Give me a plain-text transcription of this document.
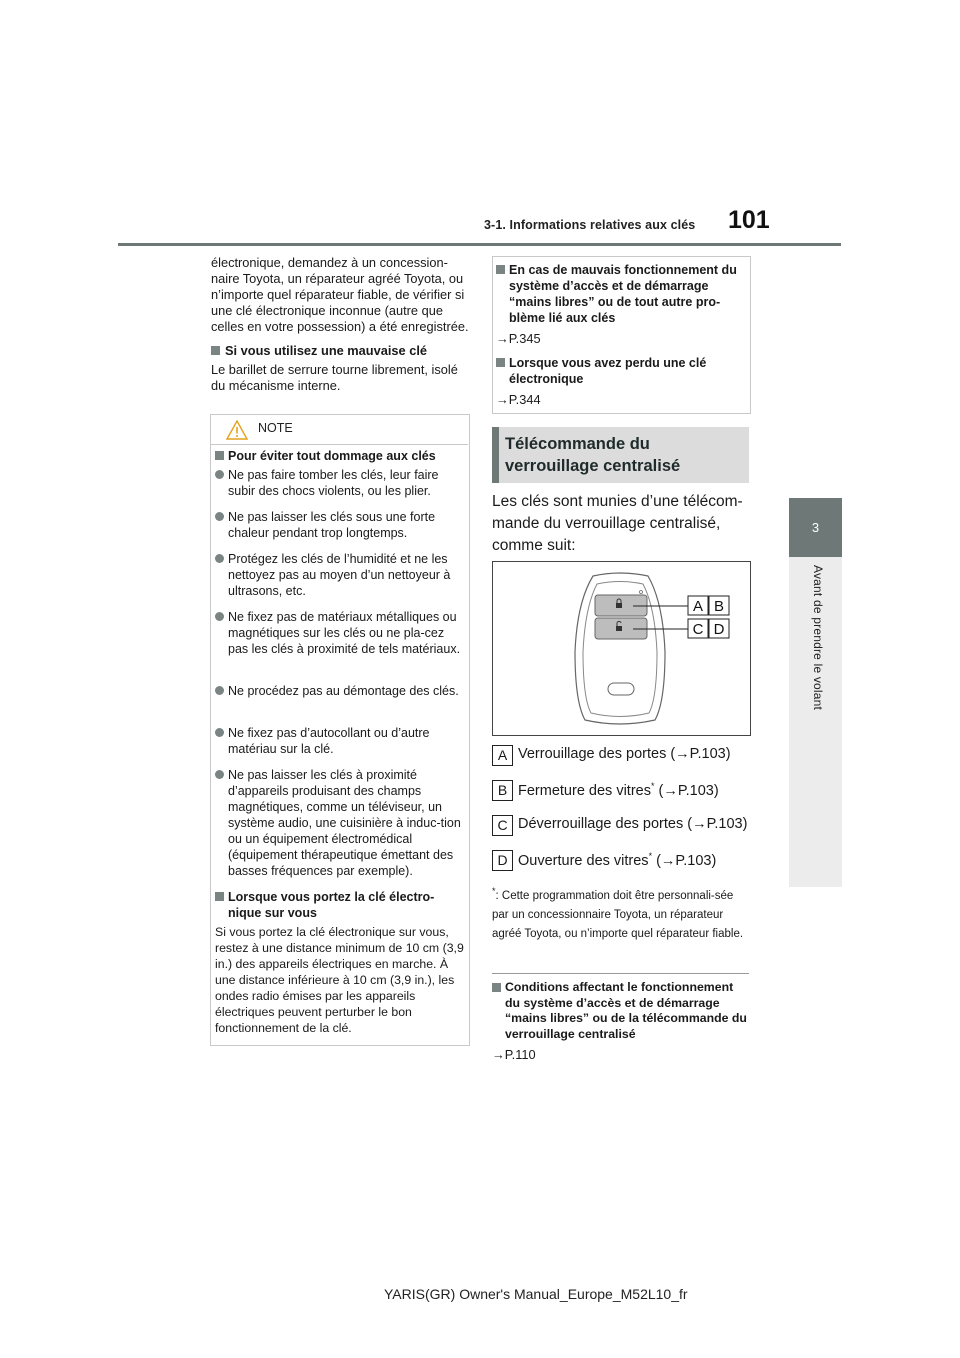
3-1. Informations relatives aux clés 101
3
Avant de prendre le volant

électronique, demandez à un concession-naire Toyota, un réparateur agréé Toyota, ou n’importe quel réparateur fiable, de vérifier si une clé électronique inconnue (autre que celles en votre possession) a été enregistrée.

Si vous utilisez une mauvaise clé

Le barillet de serrure tourne librement, isolé du mécanisme interne.

NOTE
Pour éviter tout dommage aux clés
Ne pas faire tomber les clés, leur faire subir des chocs violents, ou les plier.
Ne pas laisser les clés sous une forte chaleur pendant trop longtemps.
Protégez les clés de l’humidité et ne les nettoyez pas au moyen d’un nettoyeur à ultrasons, etc.
Ne fixez pas de matériaux métalliques ou magnétiques sur les clés ou ne pla-cez pas les clés à proximité de tels matériaux.
Ne procédez pas au démontage des clés.
Ne fixez pas d’autocollant ou d’autre matériau sur la clé.
Ne pas laisser les clés à proximité d’appareils produisant des champs magnétiques, comme un téléviseur, un système audio, une cuisinière à induc-tion ou un équipement électromédical (équipement thérapeutique émettant des basses fréquences par exemple).
Lorsque vous portez la clé électro-nique sur vous

Si vous portez la clé électronique sur vous, restez à une distance minimum de 10 cm (3,9 in.) des appareils électriques en marche. À une distance inférieure à 10 cm (3,9 in.), les ondes radio émises par les appareils électriques peuvent perturber le bon fonctionnement de la clé.

En cas de mauvais fonctionnement du système d’accès et de démarrage “mains libres” ou de tout autre pro-blème lié aux clés
→P.345
Lorsque vous avez perdu une clé électronique
→P.344
Télécommande du verrouillage centralisé

Les clés sont munies d’une télécom-mande du verrouillage centralisé, comme suit:

A B
C D
A Verrouillage des portes (→P.103)
B Fermeture des vitres* (→P.103)
C Déverrouillage des portes (→P.103)
D Ouverture des vitres* (→P.103)
*: Cette programmation doit être personnali-sée par un concessionnaire Toyota, un réparateur agréé Toyota, ou n’importe quel réparateur fiable.
Conditions affectant le fonctionnement du système d’accès et de démarrage “mains libres” ou de la télécommande du verrouillage centralisé
→P.110
YARIS(GR) Owner's Manual_Europe_M52L10_fr
